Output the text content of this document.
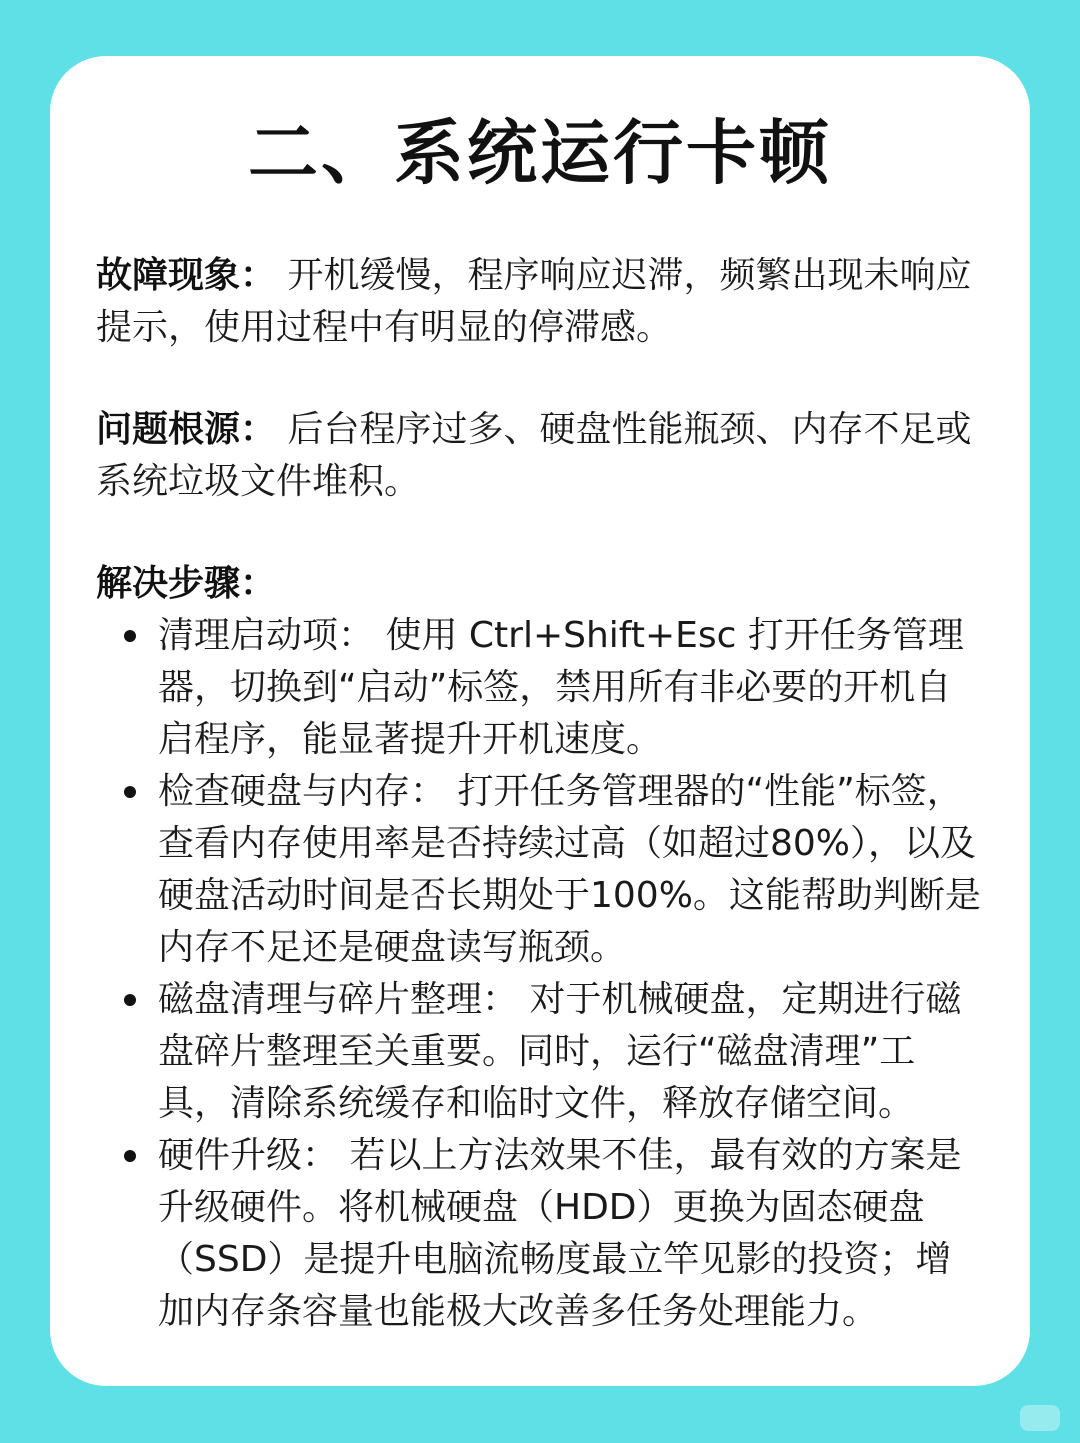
二、系统运行卡顿

故障现象： 开机缓慢，程序响应迟滞，频繁出现未响应提示，使用过程中有明显的停滞感。

问题根源： 后台程序过多、硬盘性能瓶颈、内存不足或系统垃圾文件堆积。

解决步骤：

清理启动项： 使用 Ctrl+Shift+Esc 打开任务管理器，切换到“启动”标签，禁用所有非必要的开机自启程序，能显著提升开机速度。
检查硬盘与内存： 打开任务管理器的“性能”标签，查看内存使用率是否持续过高（如超过80%），以及硬盘活动时间是否长期处于100%。这能帮助判断是内存不足还是硬盘读写瓶颈。
磁盘清理与碎片整理： 对于机械硬盘，定期进行磁盘碎片整理至关重要。同时，运行“磁盘清理”工具，清除系统缓存和临时文件，释放存储空间。
硬件升级： 若以上方法效果不佳，最有效的方案是升级硬件。将机械硬盘（HDD）更换为固态硬盘（SSD）是提升电脑流畅度最立竿见影的投资；增加内存条容量也能极大改善多任务处理能力。
